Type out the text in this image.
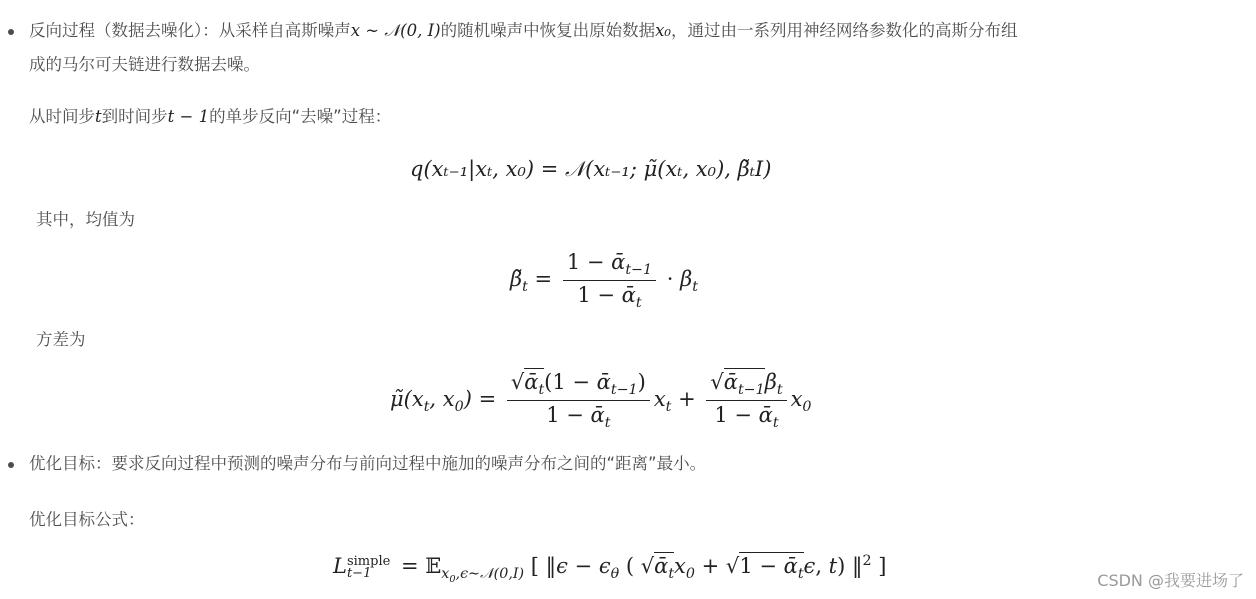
反向过程（数据去噪化）：从采样自高斯噪声x ∼ 𝒩(0, I)的随机噪声中恢复出原始数据x₀，通过由一系列用神经网络参数化的高斯分布组
成的马尔可夫链进行数据去噪。
从时间步t到时间步t − 1的单步反向“去噪”过程：
q(xₜ₋₁|xₜ, x₀) = 𝒩(xₜ₋₁; μ̃(xₜ, x₀), β̃ₜI)
其中，均值为
$\betã_t = \frac{1 - ᾱ_{t-1}}{1 - ᾱ_t} \cdot \beta_t$
方差为
$\mũ(x_t$, $x_0) = \frac{√ᾱ_t(1 - ᾱ_{t-1})}{1 - ᾱ_t} x_t + \frac{√ᾱ_{t-1}\beta_t}{1 - ᾱ_t} x_0$
优化目标：要求反向过程中预测的噪声分布与前向过程中施加的噪声分布之间的“距离”最小。
优化目标公式：
L simple
t−1	= 𝔼$_{x_0,\epsilon\sim 𝒩(0,I)}$ [ ‖ϵ − $\epsilon_\theta$ ( $√ᾱ_tx_0 + √1$ − ᾱ$_t$ϵ, t) ‖$^2$ ]
CSDN @我要进场了
